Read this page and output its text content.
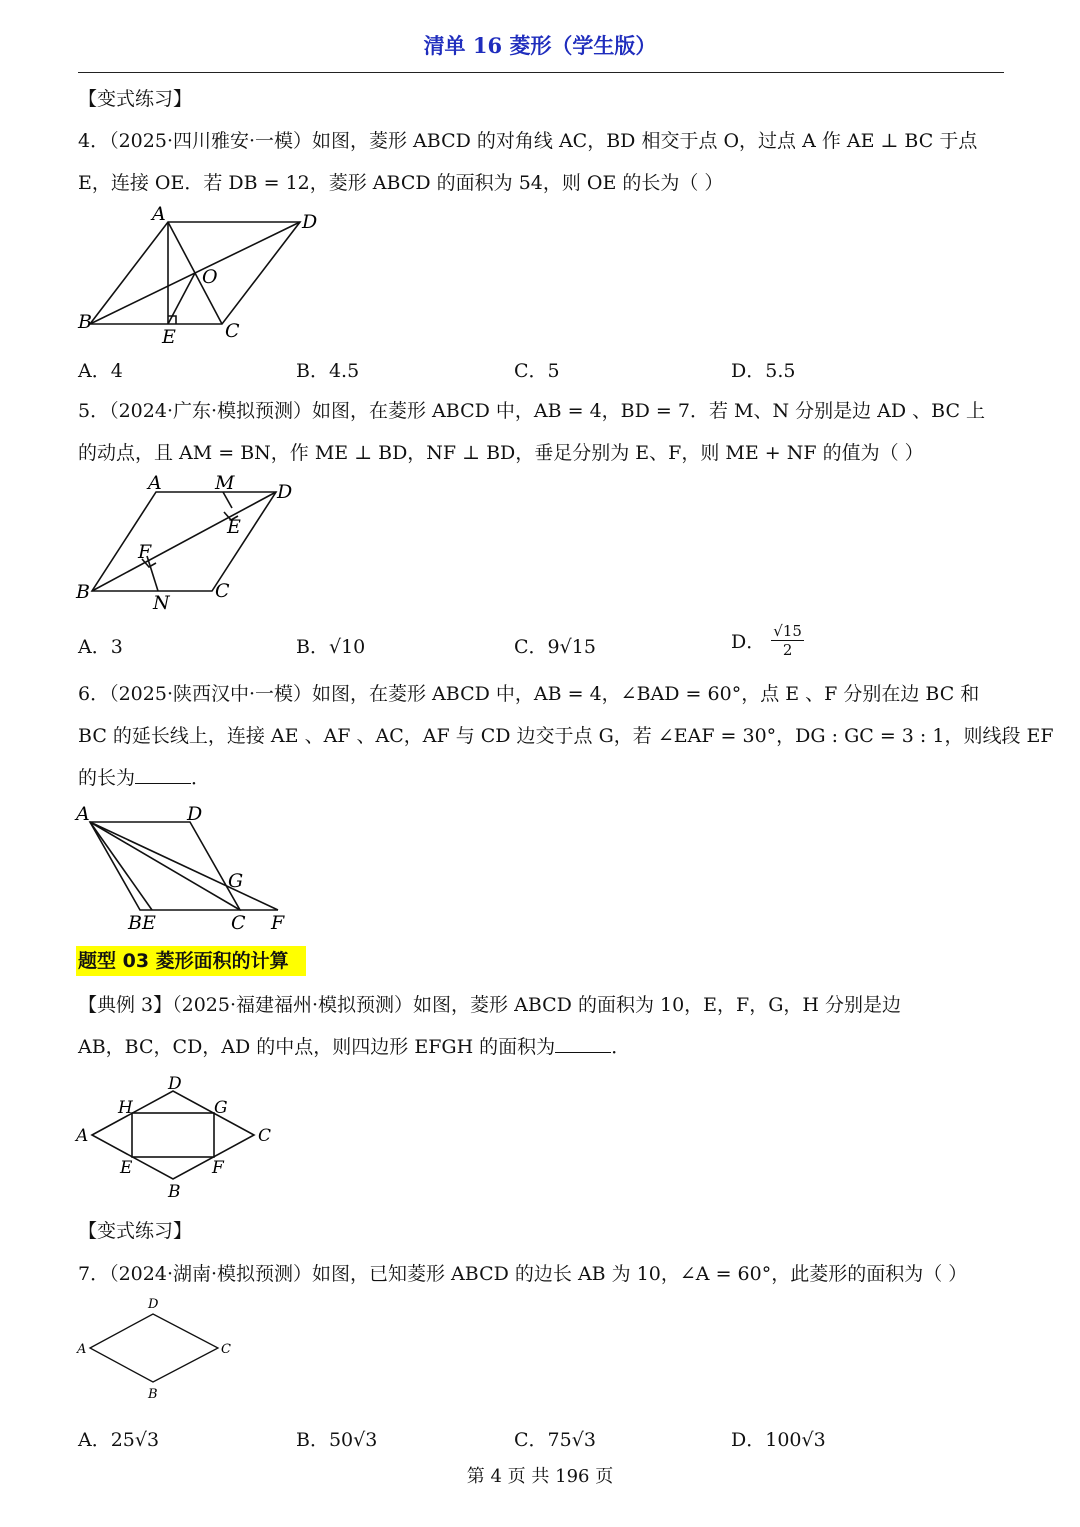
清单 16 菱形（学生版）
【变式练习】
4．（2025·四川雅安·一模）如图，菱形 ABCD 的对角线 AC，BD 相交于点 O，过点 A 作 AE ⊥ BC 于点
E，连接 OE．若 DB = 12，菱形 ABCD 的面积为 54，则 OE 的长为（ ）
A	D
O
B
E	C
A．4	B．4.5	C．5	D．5.5
5．（2024·广东·模拟预测）如图，在菱形 ABCD 中，AB = 4，BD = 7．若 M、N 分别是边 AD 、BC 上
的动点，且 AM = BN，作 ME ⊥ BD，NF ⊥ BD，垂足分别为 E、F，则 ME + NF 的值为（ ）
A	M D
E
F
B	N
C
A．3	B．√10	C．9√15	D． $\frac{√15}{2}$
6．（2025·陕西汉中·一模）如图，在菱形 ABCD 中，AB = 4，∠BAD = 60°，点 E 、F 分别在边 BC 和
BC 的延长线上，连接 AE 、AF 、AC，AF 与 CD 边交于点 G，若 ∠EAF = 30°，DG : GC = 3 : 1，则线段 EF
的长为	．
A	D
G
BE	C F
题型 03 菱形面积的计算
【典例 3】（2025·福建福州·模拟预测）如图，菱形 ABCD 的面积为 10，E，F，G，H 分别是边
AB，BC，CD，AD 的中点，则四边形 EFGH 的面积为	．
A
D
C
B
H	G
E	F
【变式练习】
7．（2024·湖南·模拟预测）如图，已知菱形 ABCD 的边长 AB 为 10，∠A = 60°，此菱形的面积为（ ）
A
D
C
B
A．25√3	B．50√3	C．75√3	D．100√3
第 4 页 共 196 页
